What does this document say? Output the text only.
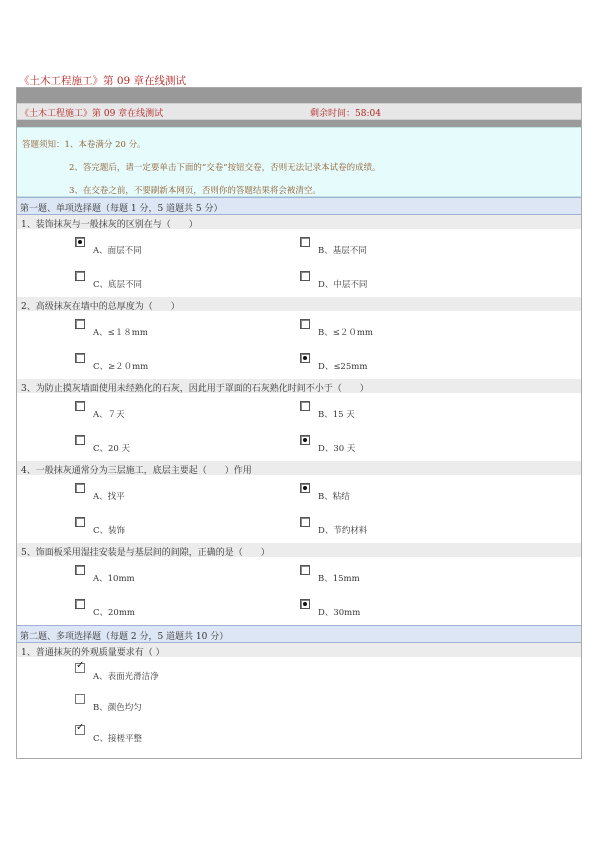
《土木工程施工》第 09 章在线测试
《土木工程施工》第 09 章在线测试	剩余时间：58:04
答题须知：1、本卷满分 20 分。
2、答完题后，请一定要单击下面的“交卷”按钮交卷，否则无法记录本试卷的成绩。
3、在交卷之前，不要刷新本网页，否则你的答题结果将会被清空。
第一题、单项选择题（每题 1 分，5 道题共 5 分）
1、装饰抹灰与一般抹灰的区别在与（　　）
A、面层不同	B、基层不同
C、底层不同	D、中层不同
2、高级抹灰在墙中的总厚度为（　　）
A、≤１８mm	B、≤２０mm
C、≥２０mm	D、≤25mm
3、为防止摸灰墙面使用未经熟化的石灰，因此用于罩面的石灰熟化时间不小于（　　）
A、７天	B、15 天
C、20 天	D、30 天
4、一般抹灰通常分为三层施工，底层主要起（　　）作用
A、找平	B、粘结
C、装饰	D、节约材料
5、饰面板采用湿挂安装是与基层间的间隙，正确的是（　　）
A、10mm	B、15mm
C、20mm	D、30mm
第二题、多项选择题（每题 2 分，5 道题共 10 分）
1、普通抹灰的外观质量要求有（ ）
✓
A、表面光滑洁净
B、颜色均匀
✓
C、接槎平整
